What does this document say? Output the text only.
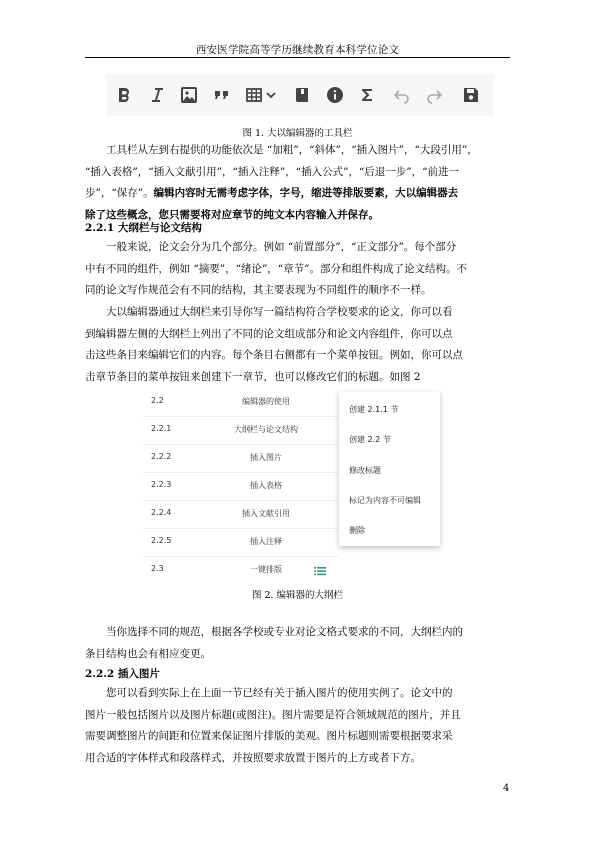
西安医学院高等学历继续教育本科学位论文
图 1. 大以编辑器的工具栏
工具栏从左到右提供的功能依次是 “加粗”，“斜体”，“插入图片”，“大段引用”，
“插入表格”，“插入文献引用”，“插入注释”，“插入公式”，“后退一步”，“前进一
步”，“保存”。编辑内容时无需考虑字体，字号，缩进等排版要素，大以编辑器去
除了这些概念，您只需要将对应章节的纯文本内容输入并保存。
2.2.1 大纲栏与论文结构
一般来说，论文会分为几个部分。例如 “前置部分”，“正文部分”。每个部分
中有不同的组件，例如 “摘要”，“绪论”，“章节”。部分和组件构成了论文结构。不
同的论文写作规范会有不同的结构，其主要表现为不同组件的顺序不一样。
大以编辑器通过大纲栏来引导你写一篇结构符合学校要求的论文，你可以看
到编辑器左侧的大纲栏上列出了不同的论文组成部分和论文内容组件，你可以点
击这些条目来编辑它们的内容。每个条目右侧都有一个菜单按钮。例如，你可以点
击章节条目的菜单按钮来创建下一章节，也可以修改它们的标题。如图 2
2.2	编辑器的使用
2.2.1	大纲栏与论文结构
2.2.2	插入图片
2.2.3	插入表格
2.2.4	插入文献引用
2.2.5	插入注释
2.3	一键排版
创建 2.1.1 节
创建 2.2 节
修改标题
标记为内容不可编辑
删除
图 2. 编辑器的大纲栏
当你选择不同的规范，根据各学校或专业对论文格式要求的不同，大纲栏内的
条目结构也会有相应变更。
2.2.2 插入图片
您可以看到实际上在上面一节已经有关于插入图片的使用实例了。论文中的
图片一般包括图片以及图片标题(或图注)。图片需要是符合领域规范的图片，并且
需要调整图片的间距和位置来保证图片排版的美观。图片标题则需要根据要求采
用合适的字体样式和段落样式，并按照要求放置于图片的上方或者下方。
4
